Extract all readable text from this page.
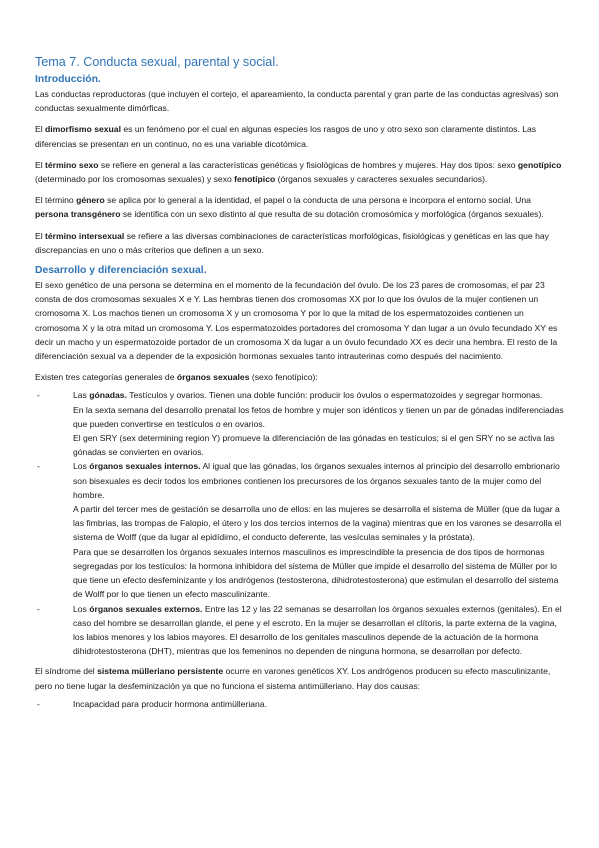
Tema 7. Conducta sexual, parental y social.
Introducción.

Las conductas reproductoras (que incluyen el cortejo, el apareamiento, la conducta parental y gran parte de las conductas agresivas) son conductas sexualmente dimórficas.

El dimorfismo sexual es un fenómeno por el cual en algunas especies los rasgos de uno y otro sexo son claramente distintos. Las diferencias se presentan en un continuo, no es una variable dicotómica.

El término sexo se refiere en general a las características genéticas y fisiológicas de hombres y mujeres. Hay dos tipos: sexo genotípico (determinado por los cromosomas sexuales) y sexo fenotípico (órganos sexuales y caracteres sexuales secundarios).

El término género se aplica por lo general a la identidad, el papel o la conducta de una persona e incorpora el entorno social. Una persona transgénero se identifica con un sexo distinto al que resulta de su dotación cromosómica y morfológica (órganos sexuales).

El término intersexual se refiere a las diversas combinaciones de características morfológicas, fisiológicas y genéticas en las que hay discrepancias en uno o más criterios que definen a un sexo.

Desarrollo y diferenciación sexual.

El sexo genético de una persona se determina en el momento de la fecundación del óvulo. De los 23 pares de cromosomas, el par 23 consta de dos cromosomas sexuales X e Y. Las hembras tienen dos cromosomas XX por lo que los óvulos de la mujer contienen un cromosoma X. Los machos tienen un cromosoma X y un cromosoma Y por lo que la mitad de los espermatozoides contienen un cromosoma X y la otra mitad un cromosoma Y. Los espermatozoides portadores del cromosoma Y dan lugar a un óvulo fecundado XY es decir un macho y un espermatozoide portador de un cromosoma X da lugar a un óvulo fecundado XX es decir una hembra. El resto de la diferenciación sexual va a depender de la exposición hormonas sexuales tanto intrauterinas como después del nacimiento.

Existen tres categorías generales de órganos sexuales (sexo fenotípico):

-	Las gónadas. Testículos y ovarios. Tienen una doble función: producir los óvulos o espermatozoides y segregar hormonas.
En la sexta semana del desarrollo prenatal los fetos de hombre y mujer son idénticos y tienen un par de gónadas indiferenciadas que pueden convertirse en testículos o en ovarios.
El gen SRY (sex determining region Y) promueve la diferenciación de las gónadas en testículos; si el gen SRY no se activa las gónadas se convierten en ovarios.
-	Los órganos sexuales internos. Al igual que las gónadas, los órganos sexuales internos al principio del desarrollo embrionario son bisexuales es decir todos los embriones contienen los precursores de los órganos sexuales tanto de la mujer como del hombre.
A partir del tercer mes de gestación se desarrolla uno de ellos: en las mujeres se desarrolla el sistema de Müller (que da lugar a las fimbrias, las trompas de Falopio, el útero y los dos tercios internos de la vagina) mientras que en los varones se desarrolla el sistema de Wolff (que da lugar al epidídimo, el conducto deferente, las vesículas seminales y la próstata).
Para que se desarrollen los órganos sexuales internos masculinos es imprescindible la presencia de dos tipos de hormonas segregadas por los testículos: la hormona inhibidora del sistema de Müller que impide el desarrollo del sistema de Müller por lo que tiene un efecto desfeminizante y los andrógenos (testosterona, dihidrotestosterona) que estimulan el desarrollo del sistema de Wolff por lo que tienen un efecto masculinizante.
-	Los órganos sexuales externos. Entre las 12 y las 22 semanas se desarrollan los órganos sexuales externos (genitales). En el caso del hombre se desarrollan glande, el pene y el escroto. En la mujer se desarrollan el clítoris, la parte externa de la vagina, los labios menores y los labios mayores. El desarrollo de los genitales masculinos depende de la actuación de la hormona dihidrotestosterona (DHT), mientras que los femeninos no dependen de ninguna hormona, se desarrollan por defecto.

El síndrome del sistema mülleriano persistente ocurre en varones genéticos XY. Los andrógenos producen su efecto masculinizante, pero no tiene lugar la desfeminización ya que no funciona el sistema antimülleriano. Hay dos causas:

-	Incapacidad para producir hormona antimülleriana.
